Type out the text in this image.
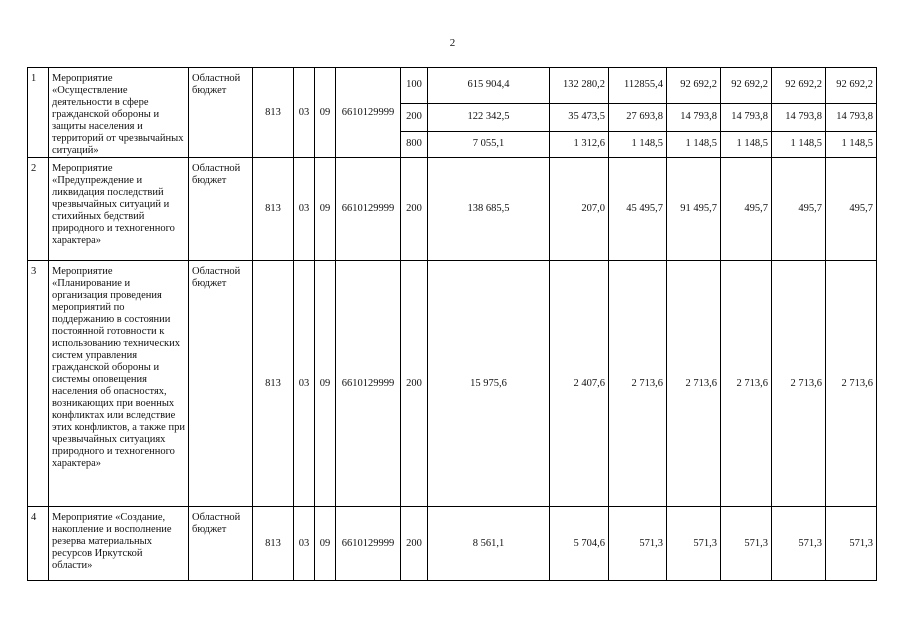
2
1	Мероприятие «Осуществление деятельности в сфере гражданской обороны и защиты населения и территорий от чрезвычайных ситуаций»	Областной бюджет	813	03	09	6610129999	100	615 904,4	132 280,2	112855,4	92 692,2	92 692,2	92 692,2	92 692,2
							200	122 342,5	35 473,5	27 693,8	14 793,8	14 793,8	14 793,8	14 793,8
							800	7 055,1	1 312,6	1 148,5	1 148,5	1 148,5	1 148,5	1 148,5
2	Мероприятие «Предупреждение и ликвидация последствий чрезвычайных ситуаций и стихийных бедствий природного и техногенного характера»	Областной бюджет	813	03	09	6610129999	200	138 685,5	207,0	45 495,7	91 495,7	495,7	495,7	495,7
3	Мероприятие «Планирование и организация проведения мероприятий по поддержанию в состоянии постоянной готовности к использованию технических систем управления гражданской обороны и системы оповещения населения об опасностях, возникающих при военных конфликтах или вследствие этих конфликтов, а также при чрезвычайных ситуациях природного и техногенного характера»	Областной бюджет	813	03	09	6610129999	200	15 975,6	2 407,6	2 713,6	2 713,6	2 713,6	2 713,6	2 713,6
4	Мероприятие «Создание, накопление и восполнение резерва материальных ресурсов Иркутской области»	Областной бюджет	813	03	09	6610129999	200	8 561,1	5 704,6	571,3	571,3	571,3	571,3	571,3
